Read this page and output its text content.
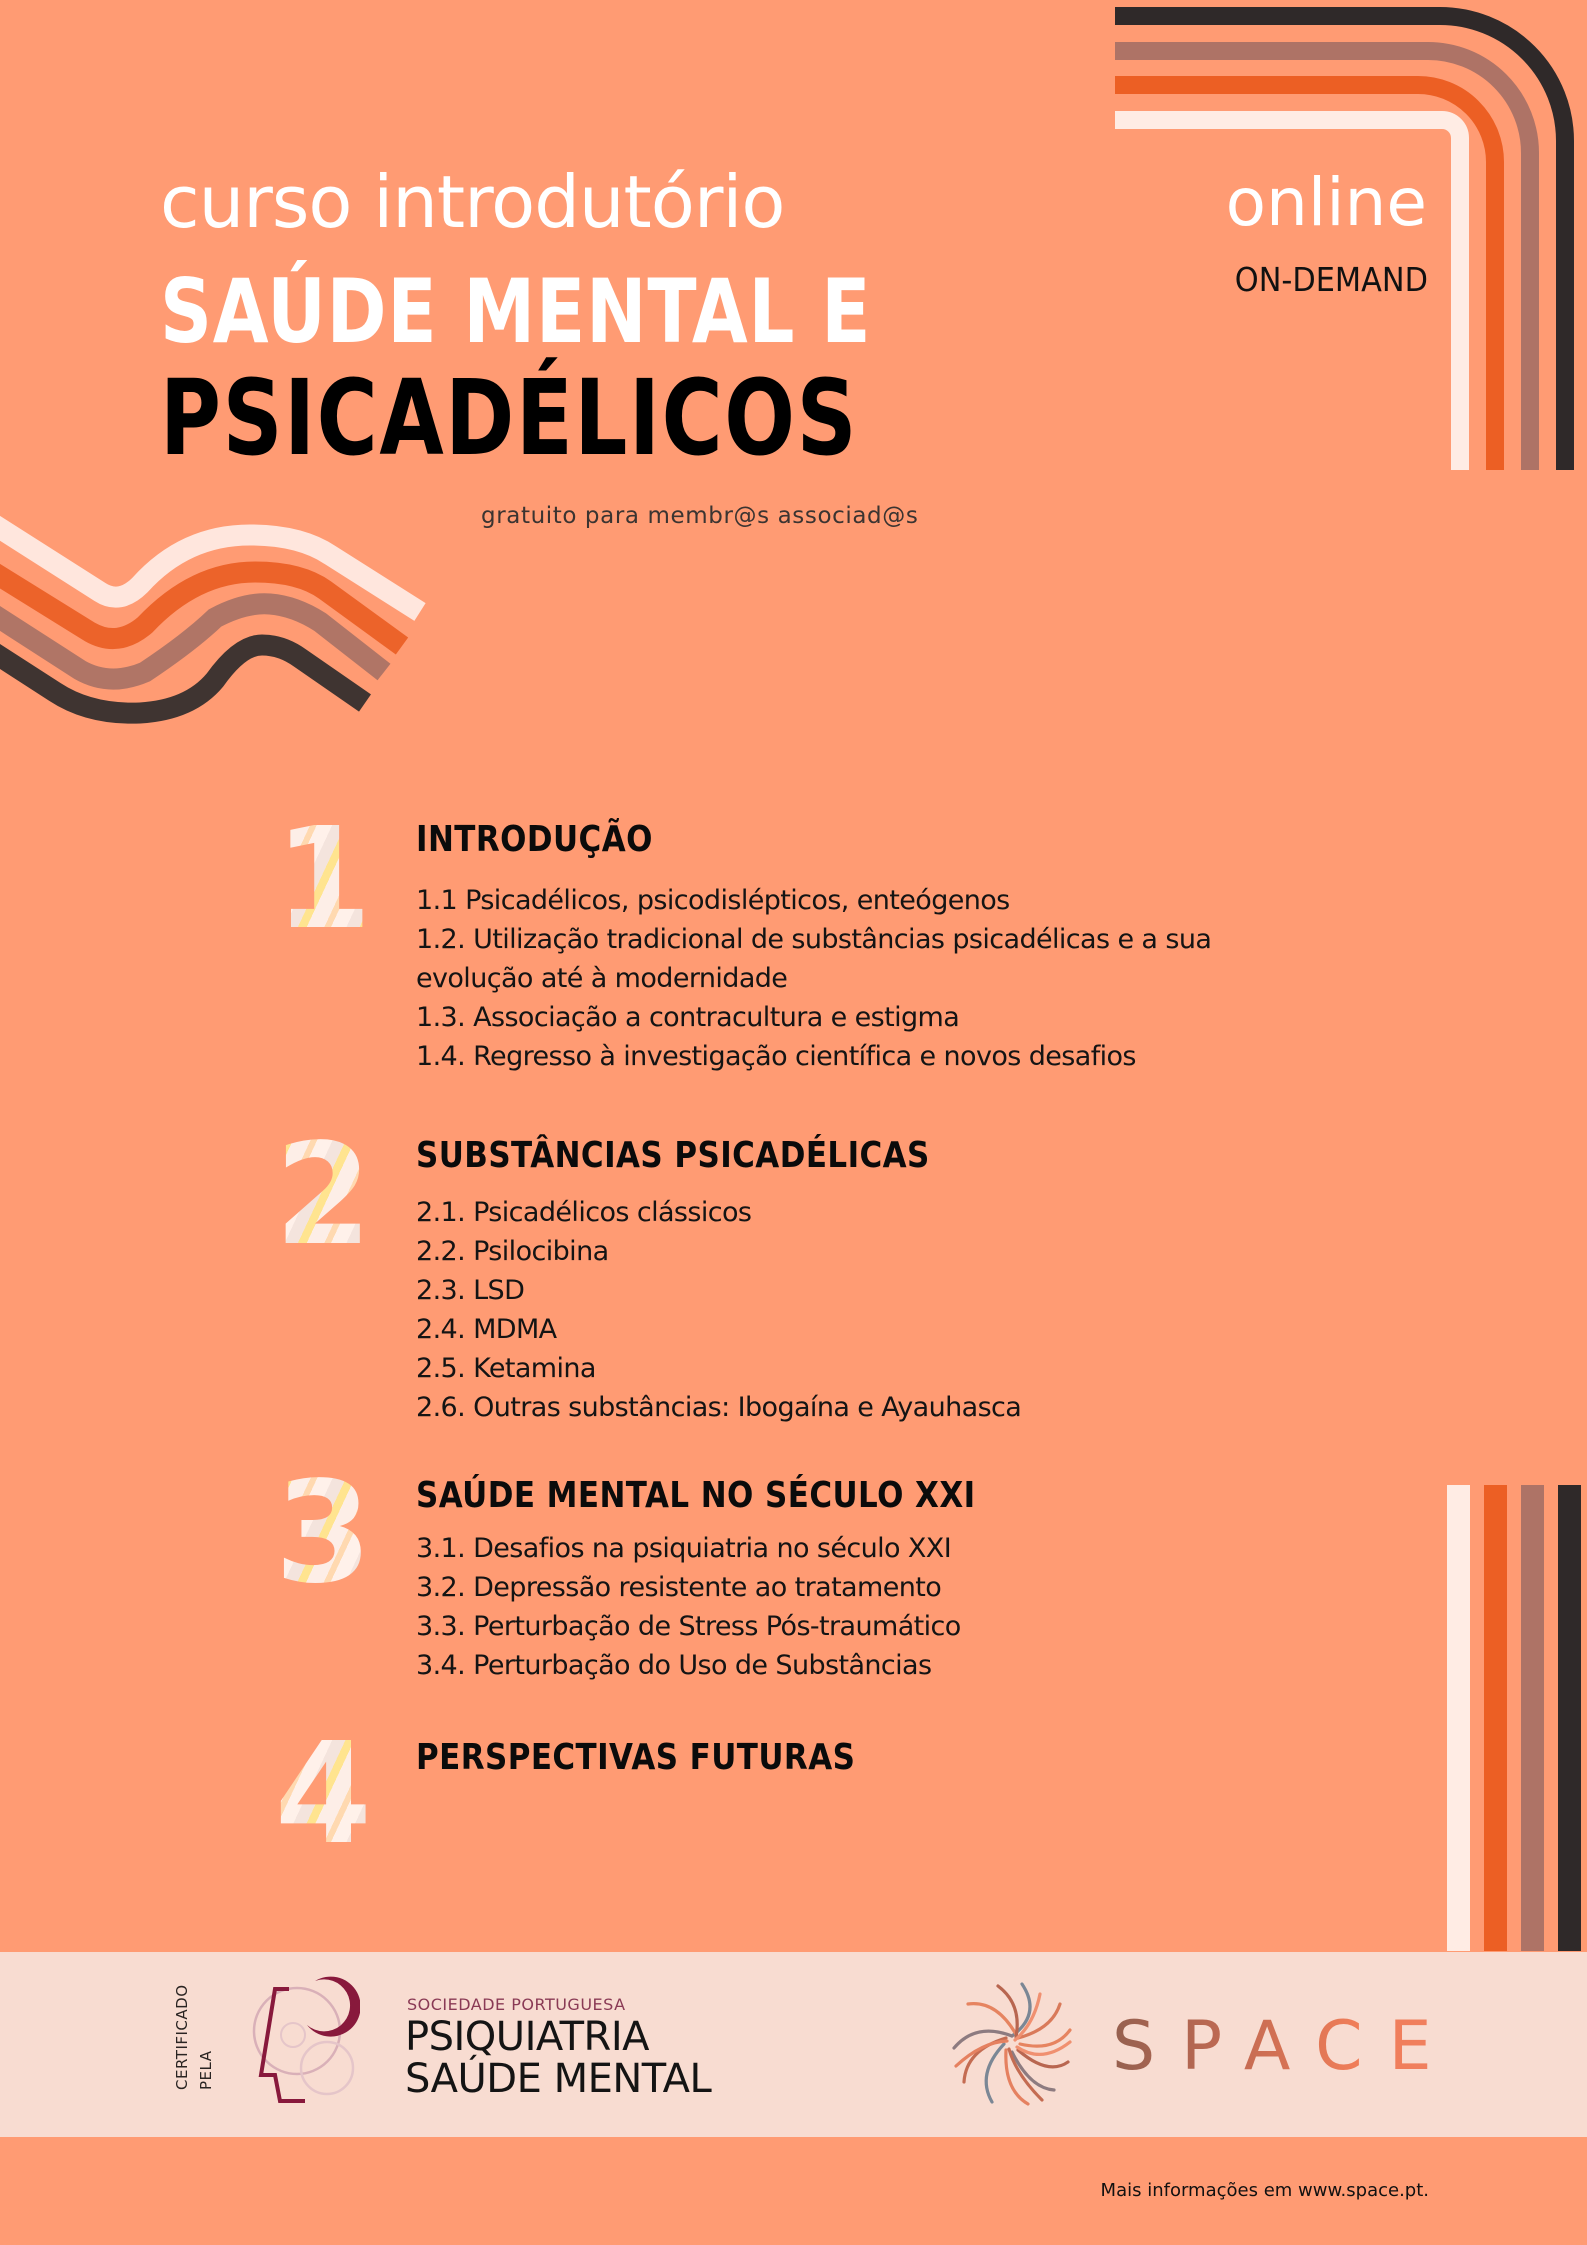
curso introdutório
SAÚDE MENTAL E
PSICADÉLICOS
gratuito para membr@s associad@s
online
ON-DEMAND
1 INTRODUÇÃO
1.1 Psicadélicos, psicodislépticos, enteógenos
1.2. Utilização tradicional de substâncias psicadélicas e a sua evolução até à modernidade
1.3. Associação a contracultura e estigma
1.4. Regresso à investigação científica e novos desafios
2 SUBSTÂNCIAS PSICADÉLICAS
2.1. Psicadélicos clássicos
2.2. Psilocibina
2.3. LSD
2.4. MDMA
2.5. Ketamina
2.6. Outras substâncias: Ibogaína e Ayauhasca
3 SAÚDE MENTAL NO SÉCULO XXI
3.1. Desafios na psiquiatria no século XXI
3.2. Depressão resistente ao tratamento
3.3. Perturbação de Stress Pós-traumático
3.4. Perturbação do Uso de Substâncias
4 PERSPECTIVAS FUTURAS
CERTIFICADO PELA
SOCIEDADE PORTUGUESA
PSIQUIATRIA
SAÚDE MENTAL	SPACE
Mais informações em www.space.pt.
